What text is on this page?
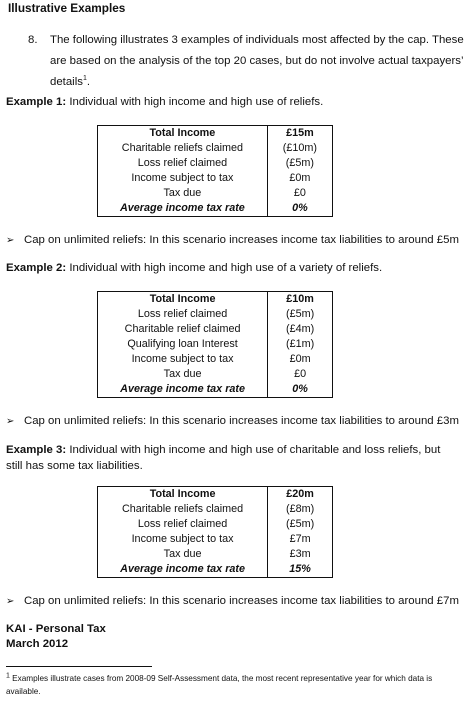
Illustrative Examples
8. The following illustrates 3 examples of individuals most affected by the cap. These
are based on the analysis of the top 20 cases, but do not involve actual taxpayers’
details$^1$.
Example 1: Individual with high income and high use of reliefs.
Total Income	£15m
Charitable reliefs claimed	(£10m)
Loss relief claimed	(£5m)
Income subject to tax	£0m
Tax due	£0
Average income tax rate	0%
➢ Cap on unlimited reliefs: In this scenario increases income tax liabilities to around £5m
Example 2: Individual with high income and high use of a variety of reliefs.
Total Income	£10m
Loss relief claimed	(£5m)
Charitable relief claimed	(£4m)
Qualifying loan Interest	(£1m)
Income subject to tax	£0m
Tax due	£0
Average income tax rate	0%
➢ Cap on unlimited reliefs: In this scenario increases income tax liabilities to around £3m
Example 3: Individual with high income and high use of charitable and loss reliefs, but still has some tax liabilities.
Total Income	£20m
Charitable reliefs claimed	(£8m)
Loss relief claimed	(£5m)
Income subject to tax	£7m
Tax due	£3m
Average income tax rate	15%
➢ Cap on unlimited reliefs: In this scenario increases income tax liabilities to around £7m
KAI - Personal Tax
March 2012
$^1$ Examples illustrate cases from 2008-09 Self-Assessment data, the most recent representative year for which data is available.
